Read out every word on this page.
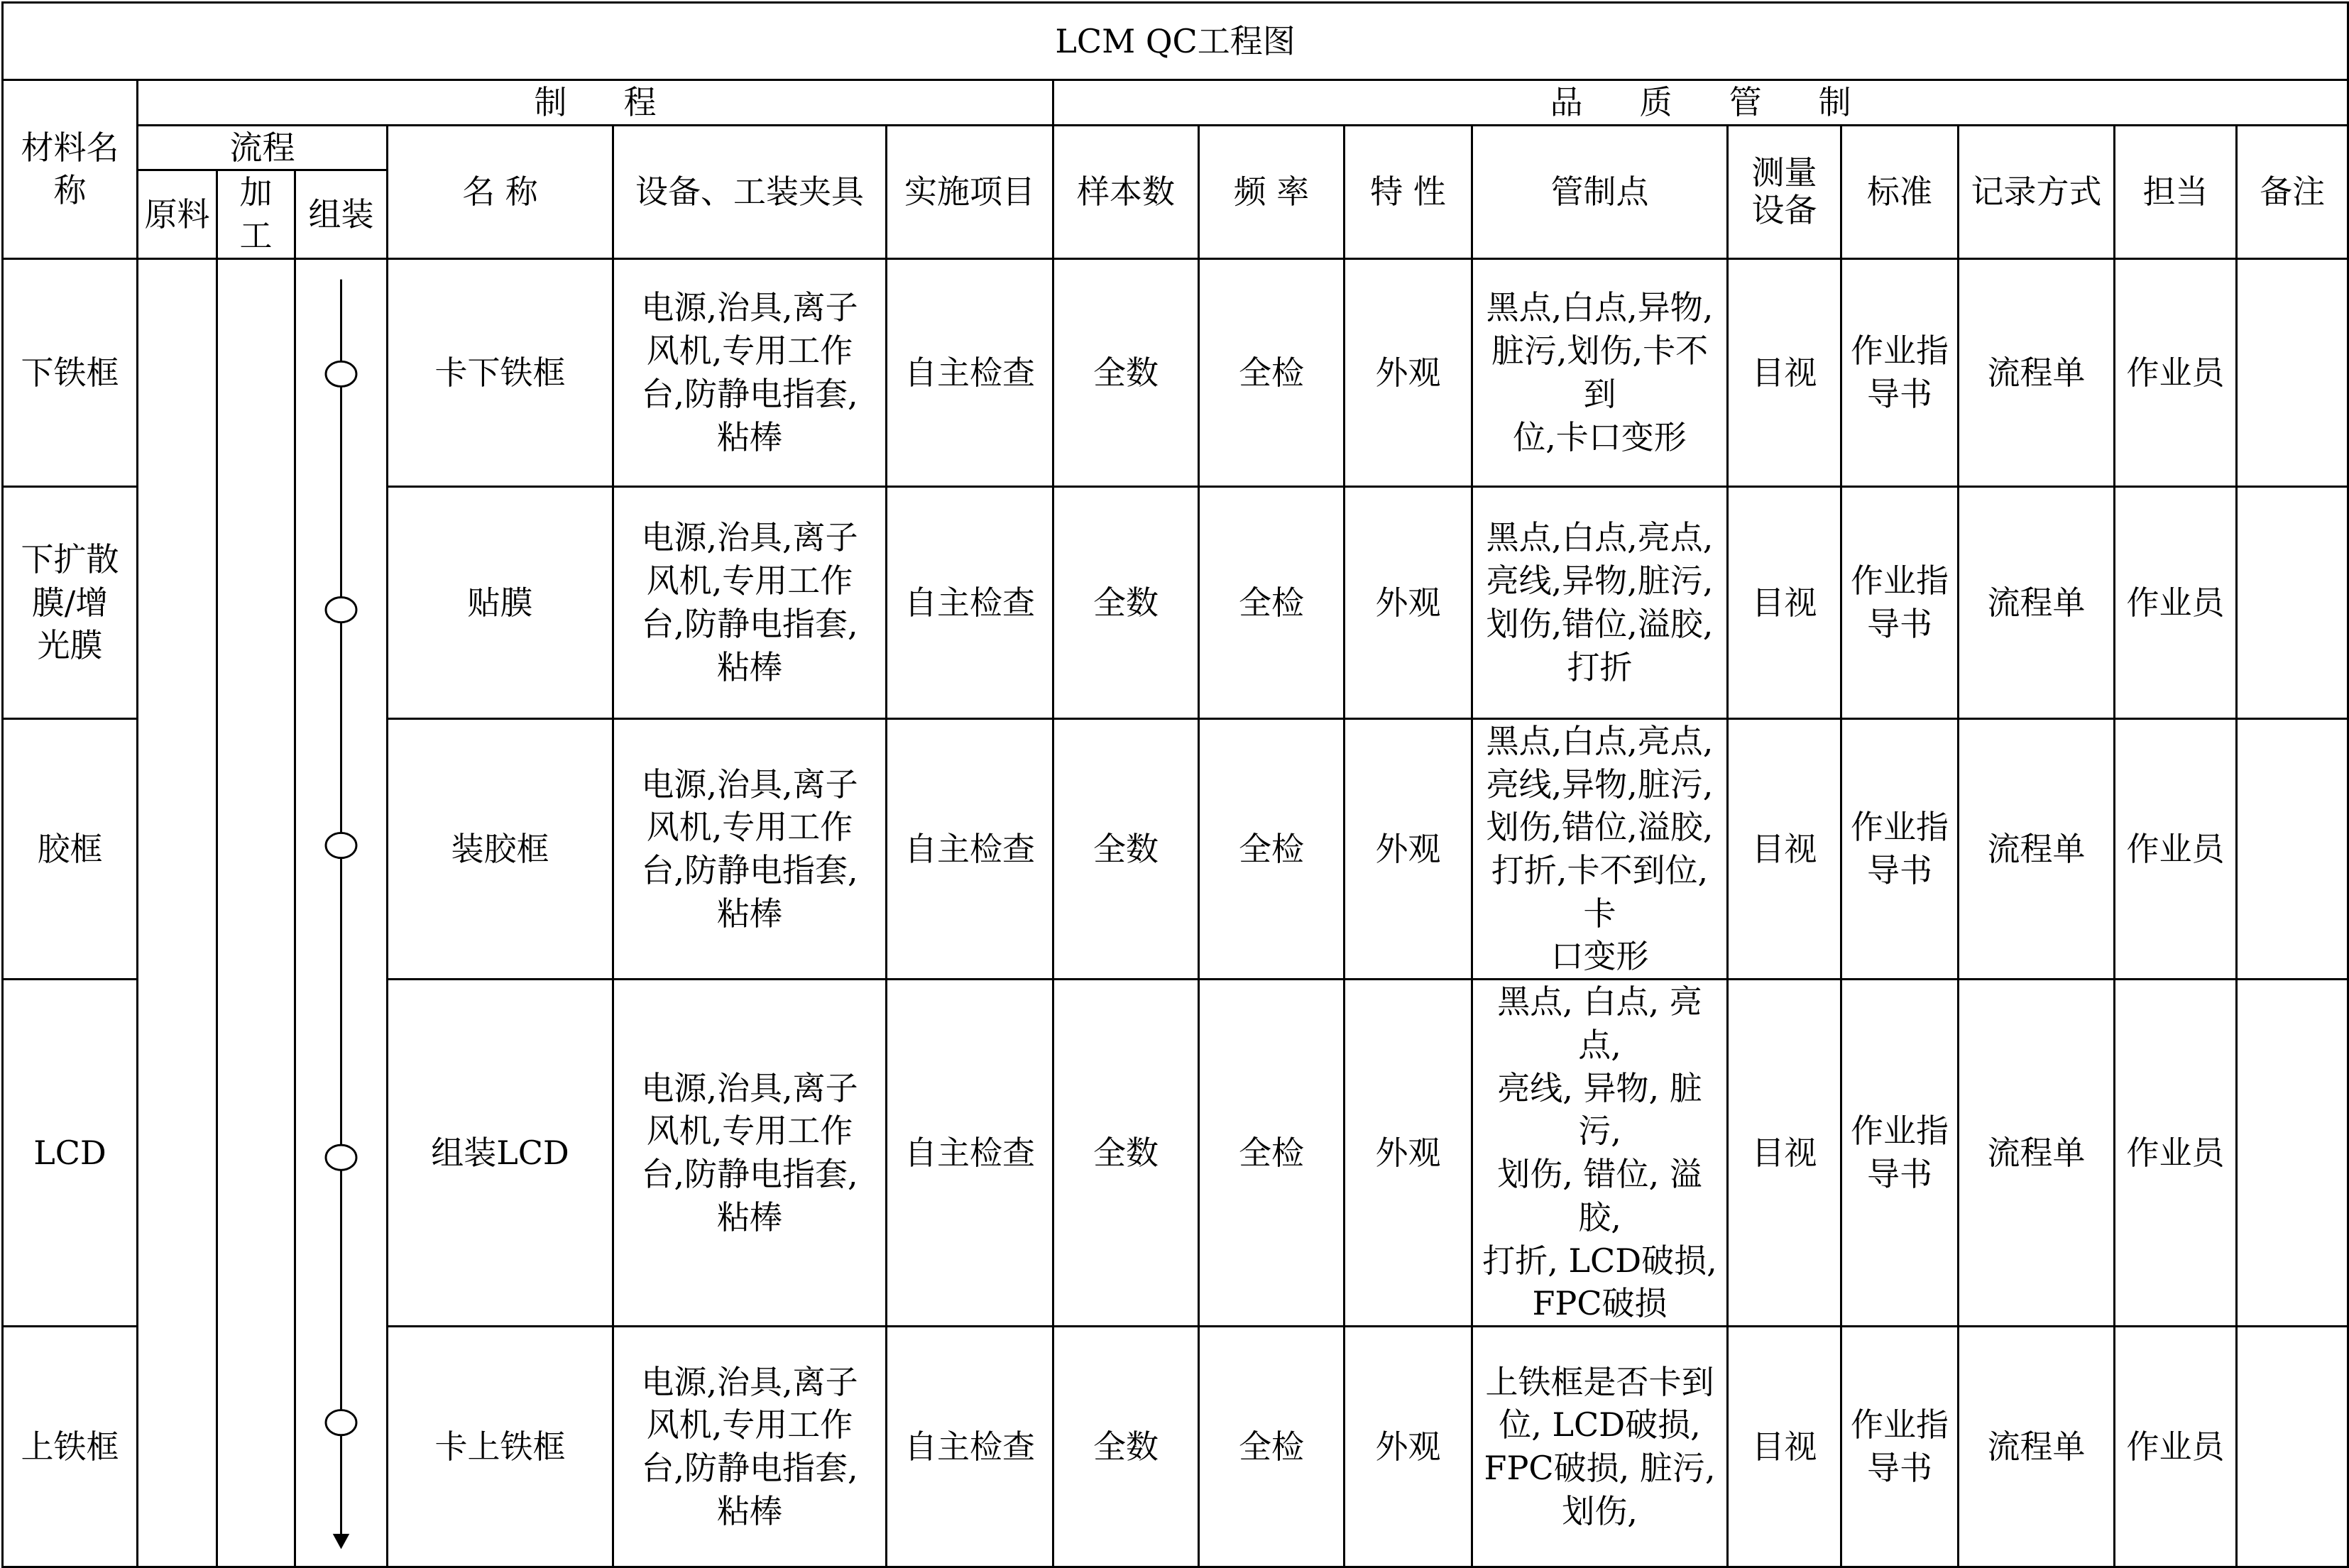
LCM QC工程图															
材料名称	制 程						品 质 管 制								
	流程			名 称	设备、工装夹具	实施项目	样本数	频 率	特 性	管制点	测量设备	标准	记录方式	担当	备注
	原料	加工	组装												

下铁框				卡下铁框	电源,治具,离子
风机,专用工作
台,防静电指套,
粘棒	自主检查	全数	全检	外观	黑点,白点,异物,
脏污,划伤,卡不到
位,卡口变形	目视	作业指
导书	流程单	作业员	

下扩散
膜/增
光膜				贴膜	电源,治具,离子
风机,专用工作
台,防静电指套,
粘棒	自主检查	全数	全检	外观	黑点,白点,亮点,
亮线,异物,脏污,
划伤,错位,溢胶,
打折	目视	作业指
导书	流程单	作业员	

胶框				装胶框	电源,治具,离子
风机,专用工作
台,防静电指套,
粘棒	自主检查	全数	全检	外观	黑点,白点,亮点,
亮线,异物,脏污,
划伤,错位,溢胶,
打折,卡不到位,卡
口变形	目视	作业指
导书	流程单	作业员	

LCD				组装LCD	电源,治具,离子
风机,专用工作
台,防静电指套,
粘棒	自主检查	全数	全检	外观	黑点, 白点, 亮点,
亮线, 异物, 脏污,
划伤, 错位, 溢胶,
打折, LCD破损,
FPC破损	目视	作业指
导书	流程单	作业员	

上铁框				卡上铁框	电源,治具,离子
风机,专用工作
台,防静电指套,
粘棒	自主检查	全数	全检	外观	上铁框是否卡到
位, LCD破损,
FPC破损, 脏污,
划伤,	目视	作业指
导书	流程单	作业员	
